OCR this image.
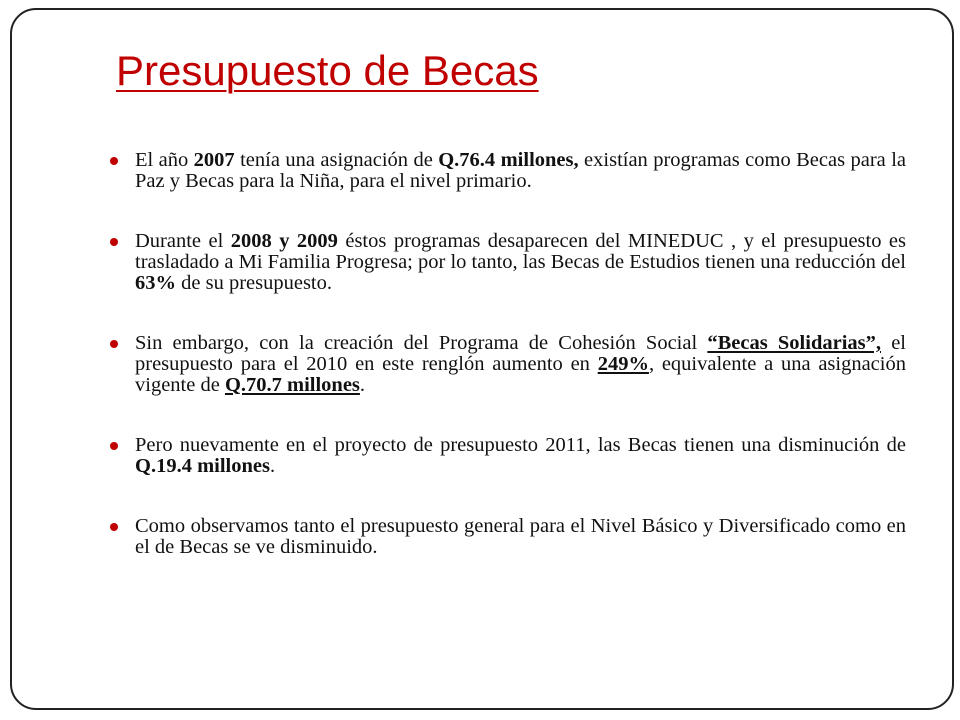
Presupuesto de Becas
El año 2007 tenía una asignación de Q.76.4 millones, existían programas como Becas para la Paz y Becas para la Niña, para el nivel primario.
Durante el 2008 y 2009 éstos programas desaparecen del MINEDUC , y el presupuesto es trasladado a Mi Familia Progresa; por lo tanto, las Becas de Estudios tienen una reducción del 63% de su presupuesto.
Sin embargo, con la creación del Programa de Cohesión Social “Becas Solidarias”, el presupuesto para el 2010 en este renglón aumento en 249%, equivalente a una asignación vigente de Q.70.7 millones.
Pero nuevamente en el proyecto de presupuesto 2011, las Becas tienen una disminución de Q.19.4 millones.
Como observamos tanto el presupuesto general para el Nivel Básico y Diversificado como en el de Becas se ve disminuido.
